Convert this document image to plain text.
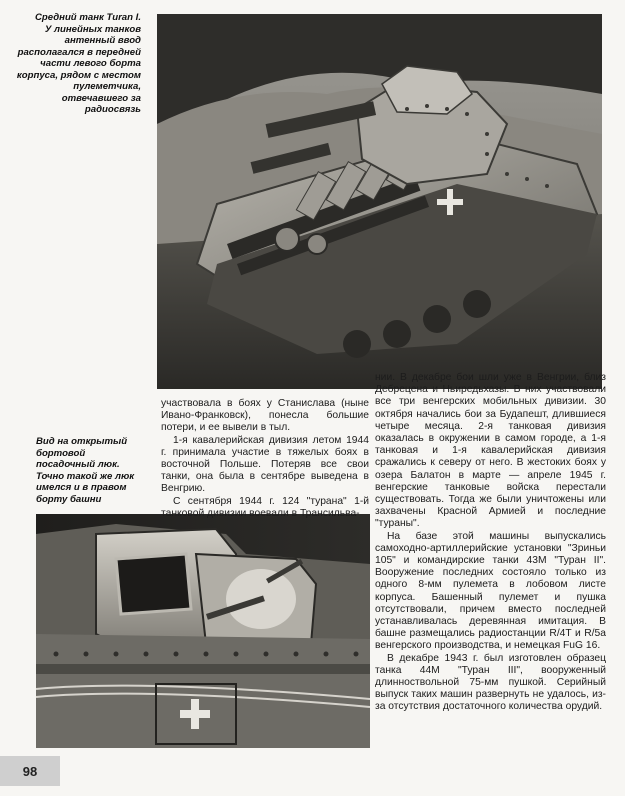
Средний танк Turan I.
У линейных танков антенный ввод располагался в передней части левого борта корпуса, рядом с местом пулеметчика, отвечавшего за радиосвязь
Вид на открытый бортовой посадочный люк. Точно такой же люк имелся и в правом борту башни

участвовала в боях у Станислава (ныне Ивано-Франковск), понесла большие потери, и ее вывели в тыл.

1-я кавалерийская дивизия летом 1944 г. принимала участие в тяжелых боях в восточной Польше. Потеряв все свои танки, она была в сентябре выведена в Венгрию.

С сентября 1944 г. 124 "турана" 1-й танковой дивизии воевали в Трансильва-

нии. В декабре бои шли уже в Венгрии, близ Дебрецена и Ньиредьхазы. В них участвовали все три венгерских мобильных дивизии. 30 октября начались бои за Будапешт, длившиеся четыре месяца. 2-я танковая дивизия оказалась в окружении в самом городе, а 1-я танковая и 1-я кавалерийская дивизия сражались к северу от него. В жестоких боях у озера Балатон в марте — апреле 1945 г. венгерские танковые войска перестали существовать. Тогда же были уничтожены или захвачены Красной Армией и последние "тураны".

На базе этой машины выпускались самоходно-артиллерийские установки "Зриньи 105" и командирские танки 43М "Туран II". Вооружение последних состояло только из одного 8-мм пулемета в лобовом листе корпуса. Башенный пулемет и пушка отсутствовали, причем вместо последней устанавливалась деревянная имитация. В башне размещались радиостанции R/4T и R/5a венгерского производства, и немецкая FuG 16.

В декабре 1943 г. был изготовлен образец танка 44М "Туран III", вооруженный длинноствольной 75-мм пушкой. Серийный выпуск таких машин развернуть не удалось, из-за отсутствия достаточного количества орудий.

98
